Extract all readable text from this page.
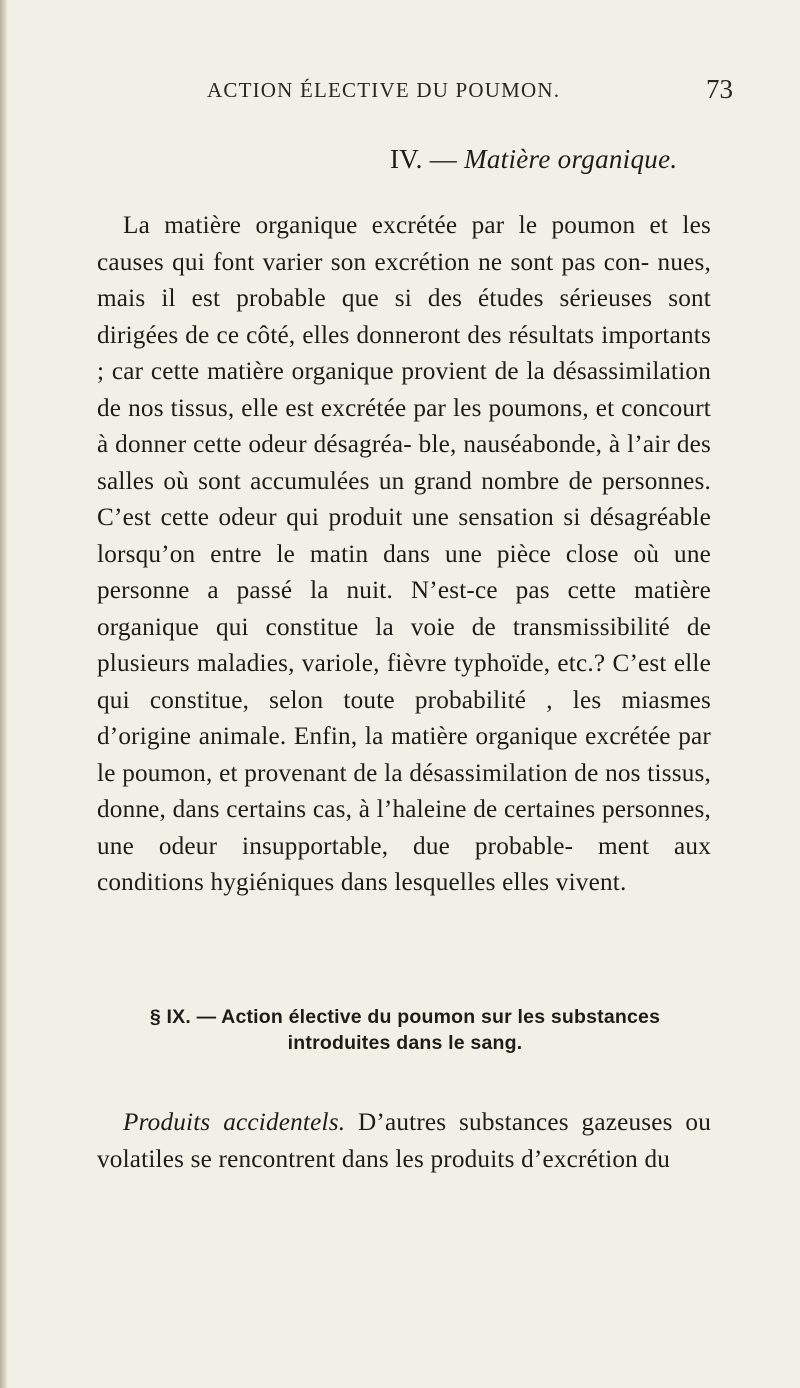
ACTION ÉLECTIVE DU POUMON.	73
IV. — Matière organique.

La matière organique excrétée par le poumon et les causes qui font varier son excrétion ne sont pas con- nues, mais il est probable que si des études sérieuses sont dirigées de ce côté, elles donneront des résultats importants ; car cette matière organique provient de la désassimilation de nos tissus, elle est excrétée par les poumons, et concourt à donner cette odeur désagréa- ble, nauséabonde, à l’air des salles où sont accumulées un grand nombre de personnes. C’est cette odeur qui produit une sensation si désagréable lorsqu’on entre le matin dans une pièce close où une personne a passé la nuit. N’est-ce pas cette matière organique qui constitue la voie de transmissibilité de plusieurs maladies, variole, fièvre typhoïde, etc.? C’est elle qui constitue, selon toute probabilité , les miasmes d’origine animale. Enfin, la matière organique excrétée par le poumon, et provenant de la désassimilation de nos tissus, donne, dans certains cas, à l’haleine de certaines personnes, une odeur insupportable, due probable- ment aux conditions hygiéniques dans lesquelles elles vivent.

§ IX. — Action élective du poumon sur les substances
introduites dans le sang.

Produits accidentels. D’autres substances gazeuses ou volatiles se rencontrent dans les produits d’excrétion du
